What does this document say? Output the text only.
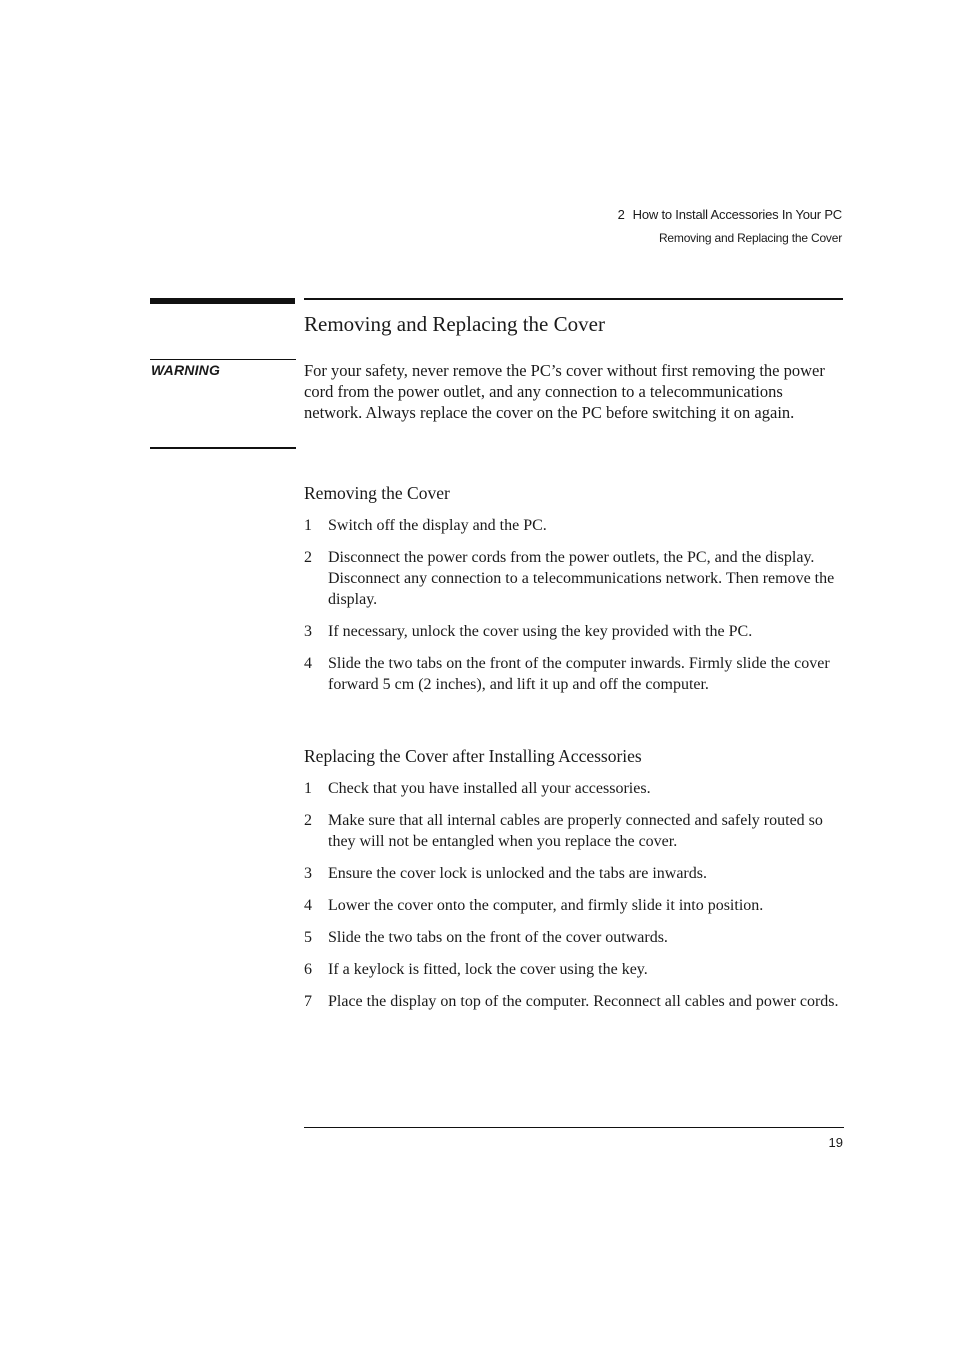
2 How to Install Accessories In Your PC
Removing and Replacing the Cover
Removing and Replacing the Cover
WARNING	For your safety, never remove the PC’s cover without first removing the power cord from the power outlet, and any connection to a telecommunications network. Always replace the cover on the PC before switching it on again.

Removing the Cover
1	Switch off the display and the PC.
2	Disconnect the power cords from the power outlets, the PC, and the display. Disconnect any connection to a telecommunications network. Then remove the display.
3	If necessary, unlock the cover using the key provided with the PC.
4	Slide the two tabs on the front of the computer inwards. Firmly slide the cover forward 5 cm (2 inches), and lift it up and off the computer.
Replacing the Cover after Installing Accessories
1	Check that you have installed all your accessories.
2	Make sure that all internal cables are properly connected and safely routed so they will not be entangled when you replace the cover.
3	Ensure the cover lock is unlocked and the tabs are inwards.
4	Lower the cover onto the computer, and firmly slide it into position.
5	Slide the two tabs on the front of the cover outwards.
6	If a keylock is fitted, lock the cover using the key.
7	Place the display on top of the computer. Reconnect all cables and power cords.
19
